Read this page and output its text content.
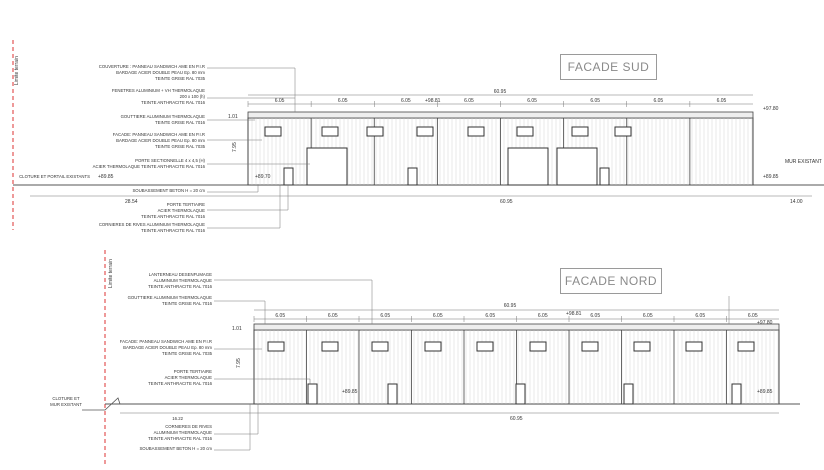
FACADE SUD
FACADE NORD
Limite terrain
60.95
6.05	6.05	6.05	6.05	6.05	6.05	6.05	6.05
1.01
7.95
+98.81
+97.80
+89.70
+89.85	+89.85
MUR EXISTANT
28.54	60.95	14.00
COUVERTURE : PANNEAU SANDWICH AME EN P.I.R
BARDAGE ACIER DOUBLE PEAU Ep. 80 mm
TEINTE GRISE RAL 7035
FENETRES ALUMINIUM + VH THERMOLAQUE
200 x 100 (h)
TEINTE ANTHRACITE RAL 7016
GOUTTIERE ALUMINIUM THERMOLAQUE
TEINTE GRISE RAL 7016
FACADE: PANNEAU SANDWICH AME EN P.I.R
BARDAGE ACIER DOUBLE PEAU Ep. 80 mm
TEINTE GRISE RAL 7035
PORTE SECTIONNELLE 4 x 4,5 (H)
ACIER THERMOLAQUE TEINTE ANTHRACITE RAL 7016
CLOTURE ET PORTAIL EXISTANTS
SOUBASSEMENT BETON H = 20 cm
PORTE TERTIAIRE
ACIER THERMOLAQUE
TEINTE ANTHRACITE RAL 7016
CORNIERES DE RIVES ALUMINIUM THERMOLAQUE
TEINTE ANTHRACITE RAL 7016
Limite terrain
60.95
6.05	6.05	6.05	6.05	6.05	6.05	6.05	6.05	6.05	6.05
1.01
7.95
+98.81
+97.80
+89.85	+89.85
60.95
LANTERNEAU DESENFUMAGE
ALUMINIUM THERMOLAQUE
TEINTE ANTHRACITE RAL 7016
GOUTTIERE ALUMINIUM THERMOLAQUE
TEINTE GRISE RAL 7016
FACADE: PANNEAU SANDWICH AME EN P.I.R
BARDAGE ACIER DOUBLE PEAU Ep. 80 mm
TEINTE GRISE RAL 7035
PORTE TERTIAIRE
ACIER THERMOLAQUE
TEINTE ANTHRACITE RAL 7016
CLOTURE ET
MUR EXISTANT
16.22
CORNIERES DE RIVES
ALUMINIUM THERMOLAQUE
TEINTE ANTHRACITE RAL 7016
SOUBASSEMENT BETON H = 20 cm
